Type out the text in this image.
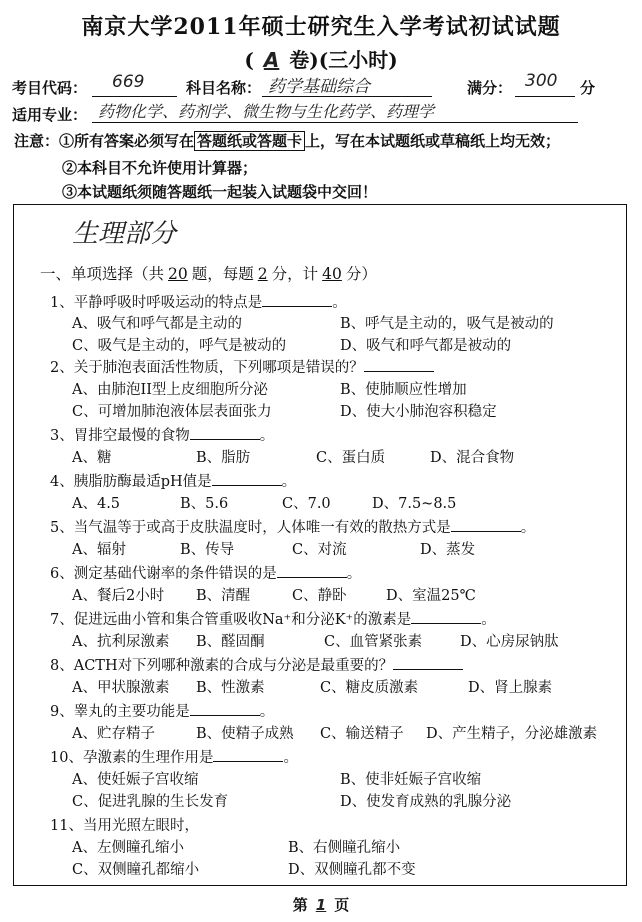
南京大学2011年硕士研究生入学考试初试试题
( A 卷)(三小时)
考目代码： 669	科目名称： 药学基础综合	满分： 300 分
适用专业： 药物化学、药剂学、微生物与生化药学、药理学
注意：①所有答案必须写在 答题纸或答题卡 上，写在本试题纸或草稿纸上均无效；
②本科目不允许使用计算器；
③本试题纸须随答题纸一起装入试题袋中交回！
生理部分
一、单项选择（共 20 题，每题 2 分，计 40 分）
1、平静呼吸时呼吸运动的特点是	。
A、吸气和呼气都是主动的	B、呼气是主动的，吸气是被动的
C、吸气是主动的，呼气是被动的	D、吸气和呼气都是被动的
2、关于肺泡表面活性物质，下列哪项是错误的？
A、由肺泡II型上皮细胞所分泌	B、使肺顺应性增加
C、可增加肺泡液体层表面张力	D、使大小肺泡容积稳定
3、胃排空最慢的食物	。
A、糖	B、脂肪	C、蛋白质	D、混合食物
4、胰脂肪酶最适pH值是	。
A、4.5	B、5.6	C、7.0	D、7.5~8.5
5、当气温等于或高于皮肤温度时，人体唯一有效的散热方式是	。
A、辐射	B、传导	C、对流	D、蒸发
6、测定基础代谢率的条件错误的是	。
A、餐后2小时 B、清醒	C、静卧	D、室温25℃
7、促进远曲小管和集合管重吸收Na⁺和分泌K⁺的激素是	。
A、抗利尿激素 B、醛固酮	C、血管紧张素	D、心房尿钠肽
8、ACTH对下列哪种激素的合成与分泌是最重要的？
A、甲状腺激素 B、性激素	C、糖皮质激素	D、肾上腺素
9、睾丸的主要功能是	。
A、贮存精子	B、使精子成熟 C、输送精子 D、产生精子，分泌雄激素
10、孕激素的生理作用是	。
A、使妊娠子宫收缩	B、使非妊娠子宫收缩
C、促进乳腺的生长发育	D、使发育成熟的乳腺分泌
11、当用光照左眼时，
A、左侧瞳孔缩小	B、右侧瞳孔缩小
C、双侧瞳孔都缩小	D、双侧瞳孔都不变
第 1 页
